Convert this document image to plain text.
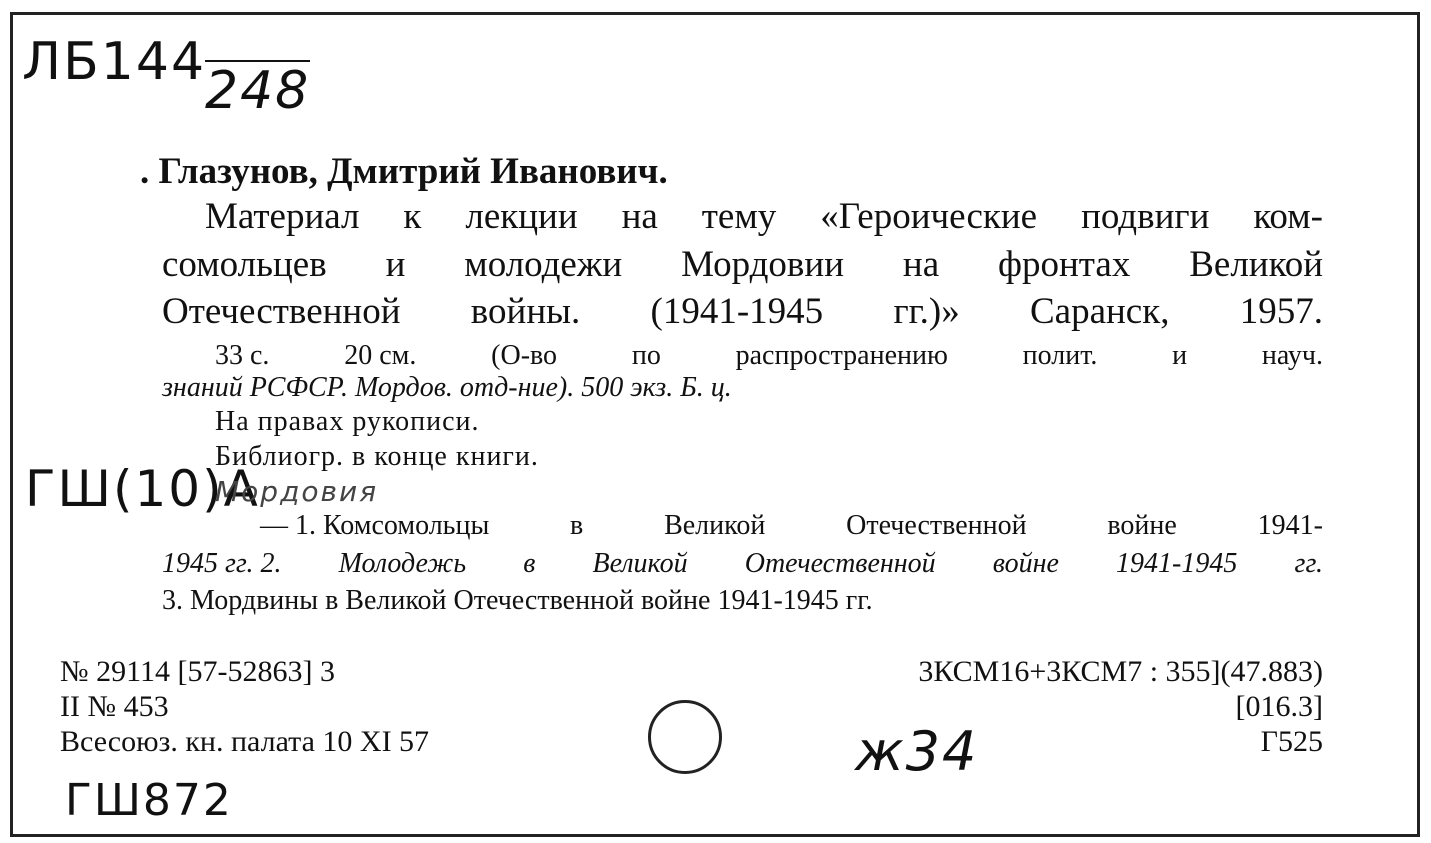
ЛБ144
248
ГШ(10)А
Мордовия
ж34
ГШ872
. Глазунов, Дмитрий Иванович.
Материал к лекции на тему «Героические подвиги ком-
сомольцев и молодежи Мордовии на фронтах Великой
Отечественной войны. (1941-1945 гг.)» Саранск, 1957.
33 с.	20 см.	(О-во	по	распространению	полит.	и	науч.
знаний РСФСР. Мордов. отд-ние). 500 экз. Б. ц.
На правах рукописи.
Библиогр. в конце книги.
— 1. Комсомольцы	в	Великой	Отечественной	войне	1941-
1945 гг. 2. Молодежь в Великой Отечественной войне 1941-1945 гг.
3. Мордвины в Великой Отечественной войне 1941-1945 гг.
№ 29114 [57-52863] 3
II № 453
Всесоюз. кн. палата 10 XI 57
3КСМ16+3КСМ7 : 355](47.883)
[016.3]
Г525
